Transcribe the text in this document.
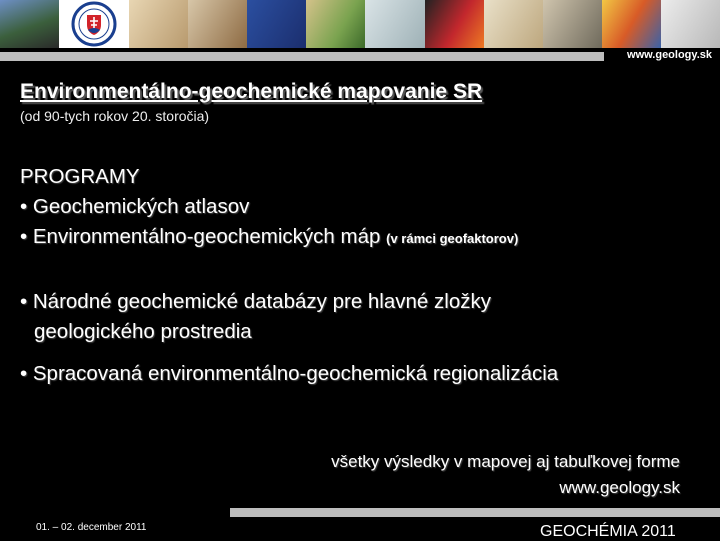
www.geology.sk
Environmentálno-geochemické mapovanie SR
(od 90-tych rokov 20. storočia)
PROGRAMY
• Geochemických atlasov
• Environmentálno-geochemických máp (v rámci geofaktorov)
• Národné geochemické databázy pre hlavné zložky
geologického prostredia
• Spracovaná environmentálno-geochemická regionalizácia
všetky výsledky v mapovej aj tabuľkovej forme
www.geology.sk
01. – 02. december 2011	GEOCHÉMIA 2011
